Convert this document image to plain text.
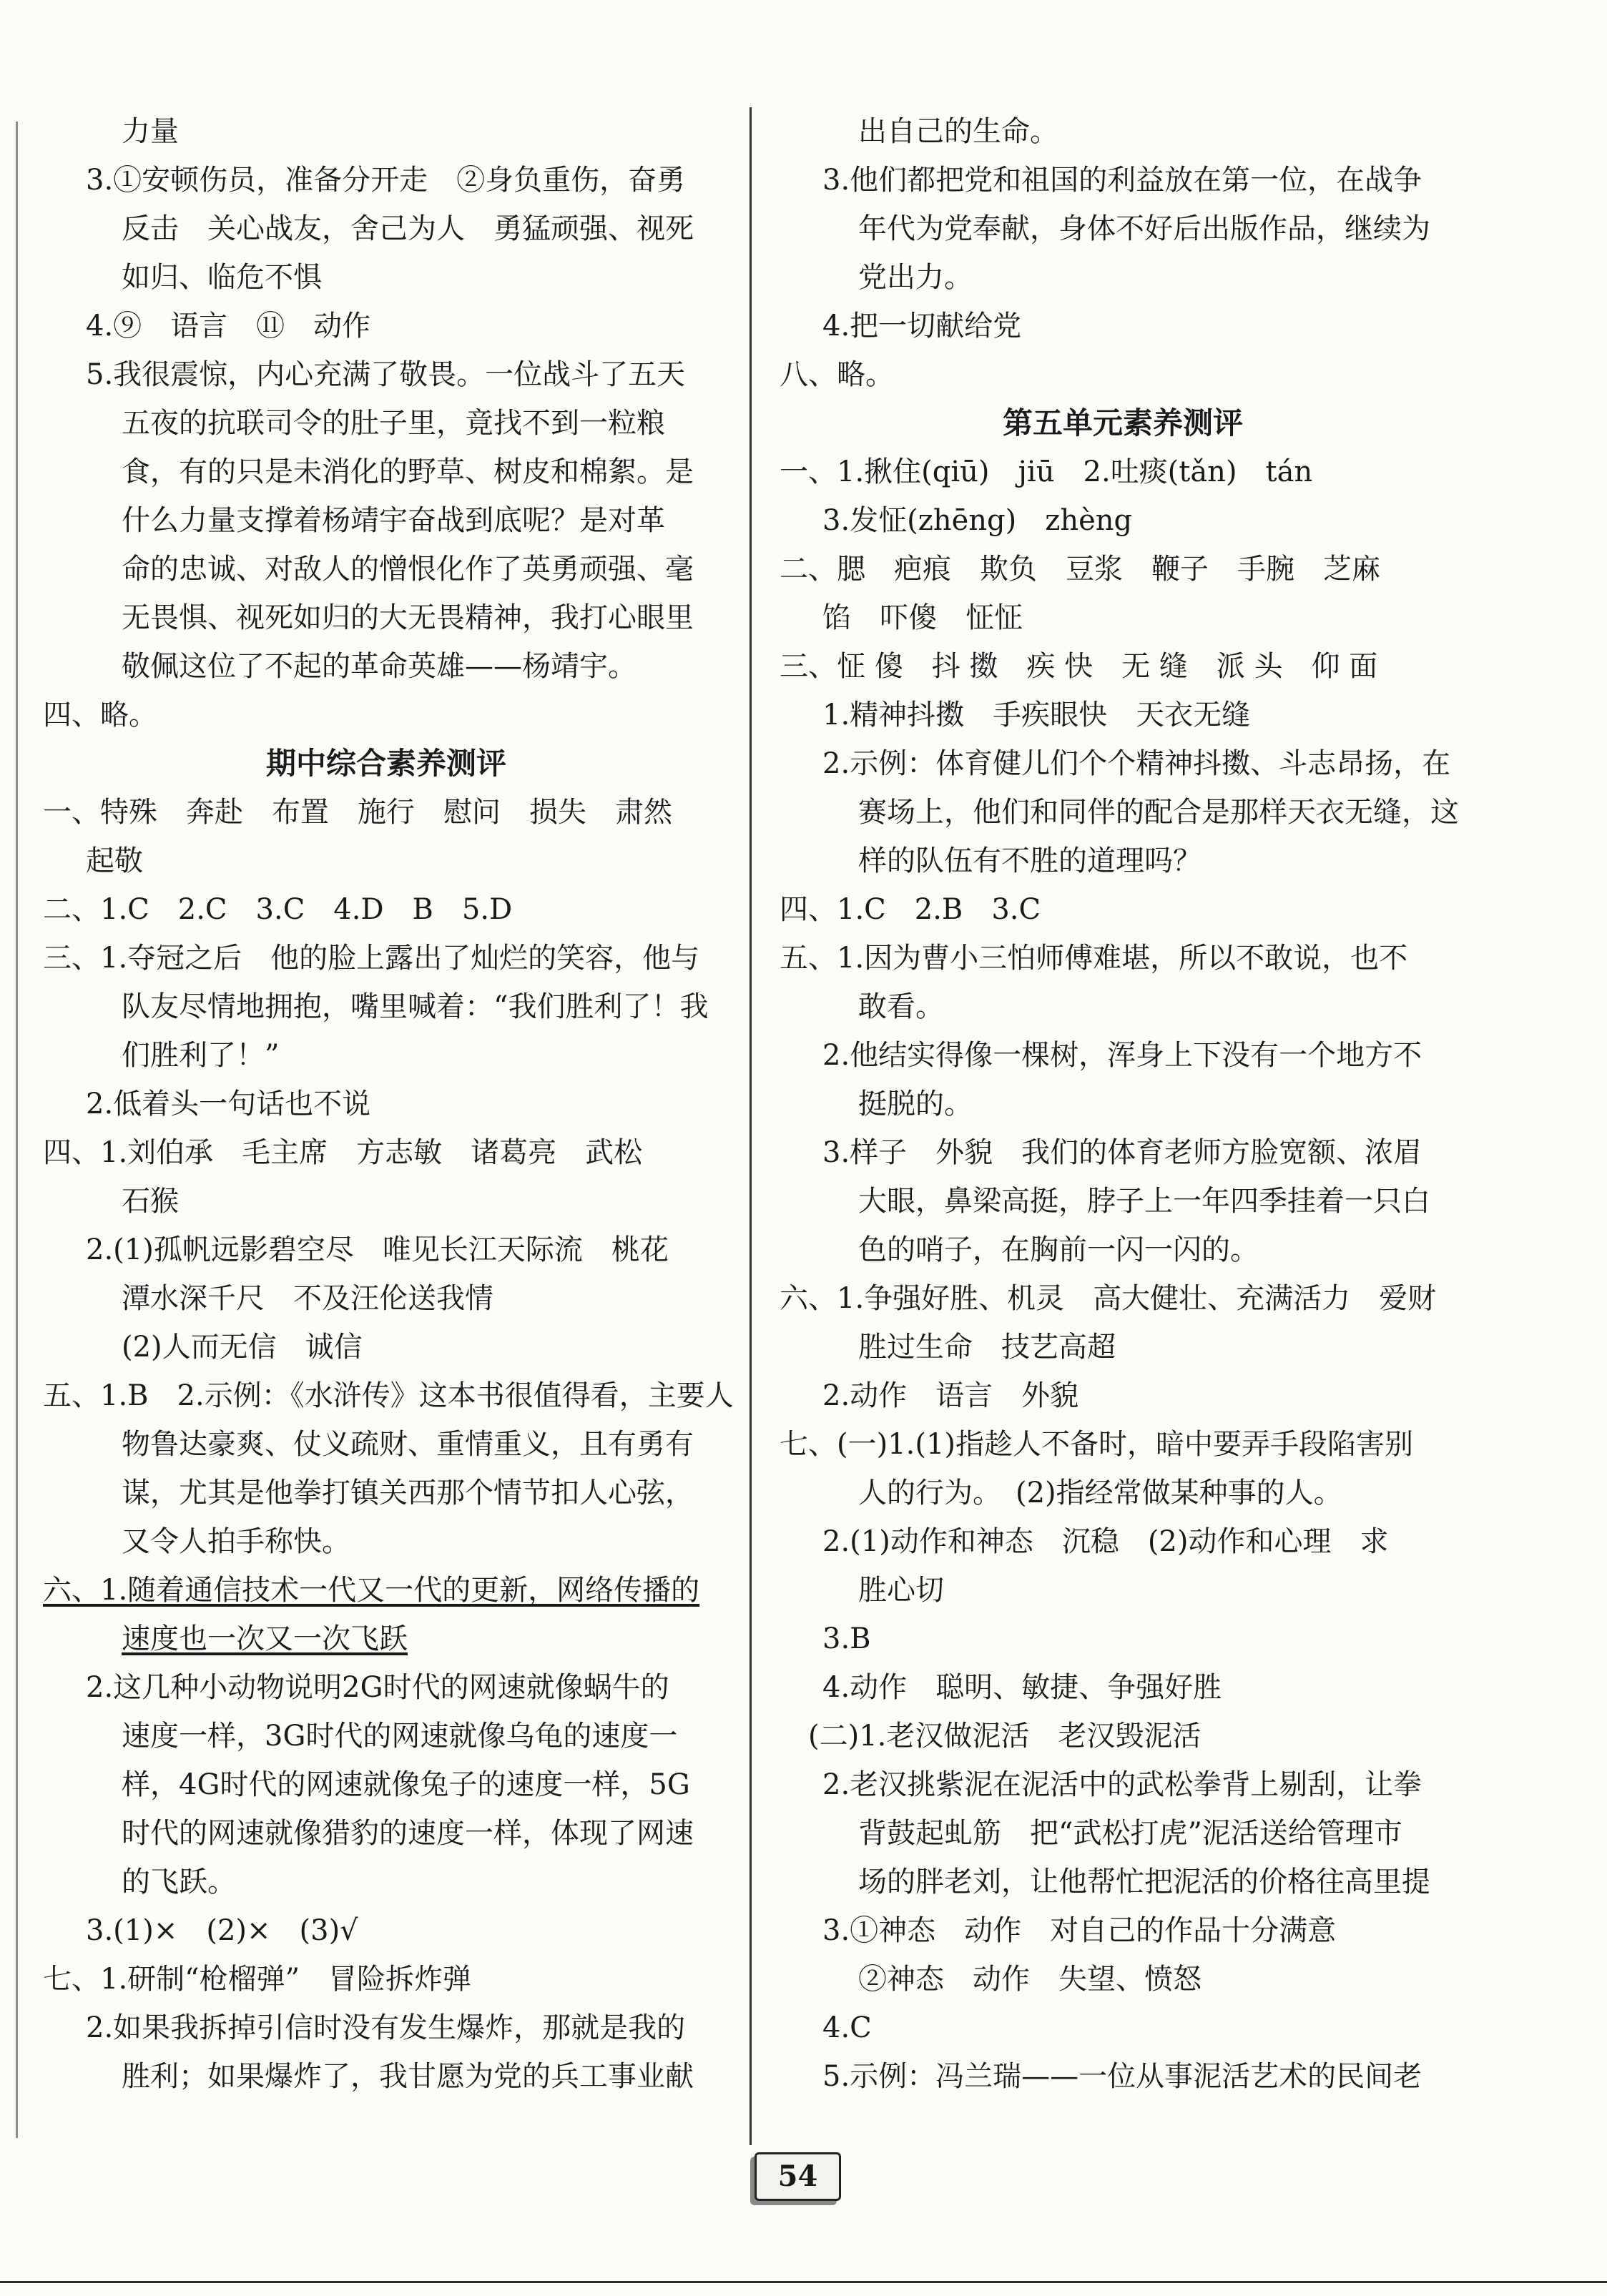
力量
3.①安顿伤员，准备分开走　②身负重伤，奋勇
反击　关心战友，舍己为人　勇猛顽强、视死
如归、临危不惧
4.⑨　语言　⑪　动作
5.我很震惊，内心充满了敬畏。一位战斗了五天
五夜的抗联司令的肚子里，竟找不到一粒粮
食，有的只是未消化的野草、树皮和棉絮。是
什么力量支撑着杨靖宇奋战到底呢？是对革
命的忠诚、对敌人的憎恨化作了英勇顽强、毫
无畏惧、视死如归的大无畏精神，我打心眼里
敬佩这位了不起的革命英雄——杨靖宇。
四、略。
期中综合素养测评
一、特殊　奔赴　布置　施行　慰问　损失　肃然
起敬
二、1.C　2.C　3.C　4.D　B　5.D
三、1.夺冠之后　他的脸上露出了灿烂的笑容，他与
队友尽情地拥抱，嘴里喊着：“我们胜利了！我
们胜利了！”
2.低着头一句话也不说
四、1.刘伯承　毛主席　方志敏　诸葛亮　武松
石猴
2.(1)孤帆远影碧空尽　唯见长江天际流　桃花
潭水深千尺　不及汪伦送我情
(2)人而无信　诚信
五、1.B　2.示例：《水浒传》这本书很值得看，主要人
物鲁达豪爽、仗义疏财、重情重义，且有勇有
谋，尤其是他拳打镇关西那个情节扣人心弦，
又令人拍手称快。
六、1.随着通信技术一代又一代的更新，网络传播的
速度也一次又一次飞跃
2.这几种小动物说明2G时代的网速就像蜗牛的
速度一样，3G时代的网速就像乌龟的速度一
样，4G时代的网速就像兔子的速度一样，5G
时代的网速就像猎豹的速度一样，体现了网速
的飞跃。
3.(1)×　(2)×　(3)√
七、1.研制“枪榴弹”　冒险拆炸弹
2.如果我拆掉引信时没有发生爆炸，那就是我的
胜利；如果爆炸了，我甘愿为党的兵工事业献
出自己的生命。
3.他们都把党和祖国的利益放在第一位，在战争
年代为党奉献，身体不好后出版作品，继续为
党出力。
4.把一切献给党
八、略。
第五单元素养测评
一、1.揪住(qiū)　jiū　2.吐痰(tǎn)　tán
3.发怔(zhēng)　zhèng
二、腮　疤痕　欺负　豆浆　鞭子　手腕　芝麻
馅　吓傻　怔怔
三、怔 傻　抖 擞　疾 快　无 缝　派 头　仰 面
1.精神抖擞　手疾眼快　天衣无缝
2.示例：体育健儿们个个精神抖擞、斗志昂扬，在
赛场上，他们和同伴的配合是那样天衣无缝，这
样的队伍有不胜的道理吗？
四、1.C　2.B　3.C
五、1.因为曹小三怕师傅难堪，所以不敢说，也不
敢看。
2.他结实得像一棵树，浑身上下没有一个地方不
挺脱的。
3.样子　外貌　我们的体育老师方脸宽额、浓眉
大眼，鼻梁高挺，脖子上一年四季挂着一只白
色的哨子，在胸前一闪一闪的。
六、1.争强好胜、机灵　高大健壮、充满活力　爱财
胜过生命　技艺高超
2.动作　语言　外貌
七、(一)1.(1)指趁人不备时，暗中要弄手段陷害别
人的行为。　(2)指经常做某种事的人。
2.(1)动作和神态　沉稳　(2)动作和心理　求
胜心切
3.B
4.动作　聪明、敏捷、争强好胜
　(二)1.老汉做泥活　老汉毁泥活
2.老汉挑紫泥在泥活中的武松拳背上剔刮，让拳
背鼓起虬筋　把“武松打虎”泥活送给管理市
场的胖老刘，让他帮忙把泥活的价格往高里提
3.①神态　动作　对自己的作品十分满意
②神态　动作　失望、愤怒
4.C
5.示例：冯兰瑞——一位从事泥活艺术的民间老
54
